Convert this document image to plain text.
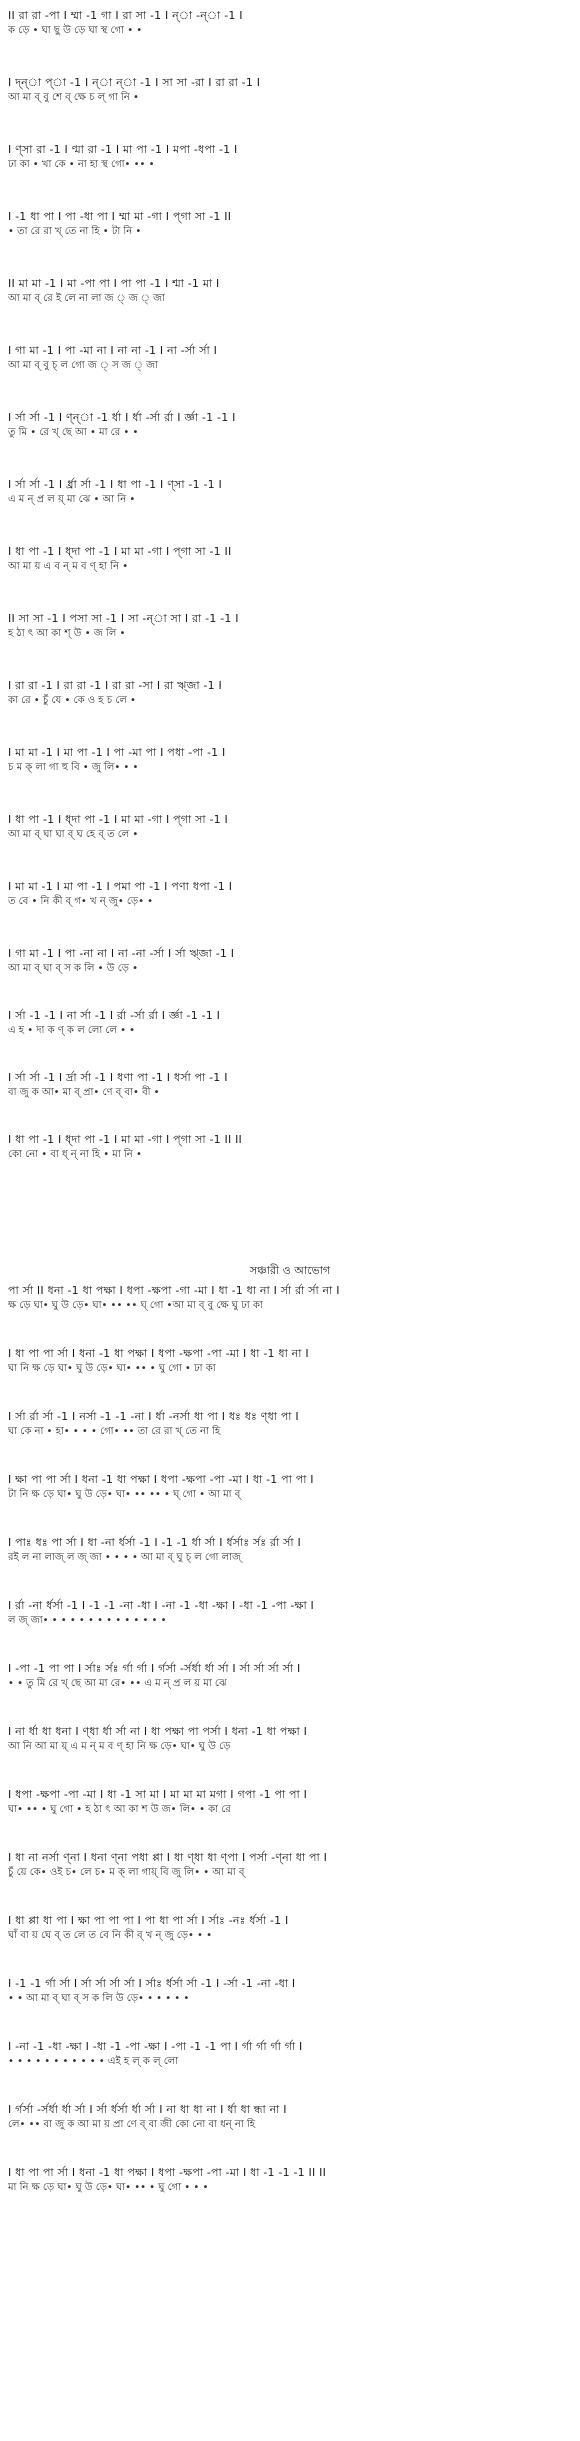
II রা রা -পা I ম্মা -1 গা I রা সা -1 I ন্‌া -ন্‌া -1 I
ক ড়ে • ঘা ছু উ ড়ে ঘা স্থ গো • •
I দ্ন্‌া প্‌া -1 I ন্‌া ন্‌া -1 I সা সা -রা I রা রা -1 I
আ মা ব্ বু শে ব্ ক্ষে চ ল্ গা নি •
I ণ্সা রা -1 I ণ্মা রা -1 I মা পা -1 I মপা -ধপা -1 I
ঢা কা • খা কে • না হা স্থ গো• •• •
I -1 ধা পা I পা -ধা পা I ম্মা মা -গা I প্গা সা -1 II
• তা রে রা খ্ তে না হি • টা নি •
II মা মা -1 I মা -পা পা I পা পা -1 I শ্মা -1 মা I
আ মা ব্ রে ই লে না লা জ ্ জ ্ জা
I গা মা -1 I পা -মা না I না না -1 I না -র্সা র্সা I
আ মা ব্ বু চ্ ল গো জ ্ স জ ্ জা
I র্সা র্সা -1 I ণ্ন্‌া -1 র্ধা I র্ধা -র্সা র্রা I র্জ্ঞা -1 -1 I
তু মি • রে খ্ ছে আ • মা রে • •
I র্সা র্সা -1 I র্ধ্রা র্সা -1 I ধা পা -1 I ণ্সা -1 -1 I
এ ম ন্ প্র ল য়্ মা ঝে • আ নি •
I ধা পা -1 I ধ্দা পা -1 I মা মা -গা I প্গা সা -1 II
আ মা য় এ ব ন্ ম ব ণ্ হা নি •
II সা সা -1 I পসা সা -1 I সা -ন্‌া সা I রা -1 -1 I
হ ঠা ৎ আ কা শ্ উ • জ লি •
I রা রা -1 I রা রা -1 I রা রা -সা I রা ঋ্জা -1 I
কা রে • চুঁ যে • কে ও হ চ লে •
I মা মা -1 I মা পা -1 I পা -মা পা I পধা -পা -1 I
চ ম ক্ লা গা হু বি • জু লি• • •
I ধা পা -1 I ধ্দা পা -1 I মা মা -গা I প্গা সা -1 I
আ মা ব্ ঘা ঘা ব্ ঘ হে ব্ ত লে •
I মা মা -1 I মা পা -1 I পমা পা -1 I পণা ধপা -1 I
ত বে • নি কী ব্ গ• খ ন্ জু• ড়ে• •
I গা মা -1 I পা -না না I না -না -র্সা I র্সা ঋ্জা -1 I
আ মা ব্ ঘা ব্ স ক লি • উ ড়ে •
I র্সা -1 -1 I না র্সা -1 I র্রা -র্সা র্রা I র্জ্ঞা -1 -1 I
এ হ • দা ক ণ্ ক ল লো লে • •
I র্সা র্সা -1 I র্দ্রা র্সা -1 I ধণা পা -1 I ধর্সা পা -1 I
বা জু ক আ• মা ব্ প্রা• ণে ব্ বা• বী •
I ধা পা -1 I ধ্দা পা -1 I মা মা -গা I প্গা সা -1 II II
কো নো • বা ধ্ ন্ না হি • মা নি •
সঞ্চারী ও আভোগ
পা র্সা II ধনা -1 ধা পক্ষা I ধপা -ক্ষপা -গা -মা I ধা -1 ধা না I র্সা র্রা র্সা না I
ক্ষ ড়ে ঘা• ঘু উ ড়ে• ঘা• •• •• ঘ্ গো •আ মা ব্ বু ক্ষে ঘু ঢা কা
I ধা পা পা র্সা I ধনা -1 ধা পক্ষা I ধপা -ক্ষপা -পা -মা I ধা -1 ধা না I
ঘা নি ক্ষ ড়ে ঘা• ঘু উ ড়ে• ঘা• •• • ঘু গো • ঢা কা
I র্সা র্রা র্সা -1 I নর্সা -1 -1 -না I র্ধা -নর্সা ধা পা I ধঃ ধঃ ণ্ধা পা I
ঘা কে না • হা• • • • গো• •• তা রে রা খ্ তে না হি
I ক্ষা পা পা র্সা I ধনা -1 ধা পক্ষা I ধপা -ক্ষপা -পা -মা I ধা -1 পা পা I
টা নি ক্ষ ড়ে ঘা• ঘু উ ড়ে• ঘা• •• •• • ঘ্ গো • আ মা ব্
I পাঃ ধঃ পা র্সা I ধা -না র্ধর্সা -1 I -1 -1 র্ধা র্সা I র্ধর্সাঃ র্সঃ র্রা র্সা I
রই ল না লাজ্ ল জ্ জা • • • • আ মা ব্ ঘু চ্ ল গো লাজ্
I র্রা -না র্ধর্সা -1 I -1 -1 -না -ধা I -না -1 -ধা -ক্ষা I -ধা -1 -পা -ক্ষা I
ল জ্ জা• • • • • • • • • • • • • •
I -পা -1 পা পা I র্সাঃ র্সঃ র্গা র্গা I র্গর্সা -র্সর্ধা র্ধা র্সা I র্সা র্সা র্সা র্সা I
• • তু মি রে খ্ ছে আ মা রে• •• এ ম ন্ প্র ল য় মা ঝে
I না র্ধা ধা ধনা I ণ্ধা র্ধা র্সা না I ধা পক্ষা পা পর্সা I ধনা -1 ধা পক্ষা I
আ নি আ মা য়্ এ ম ন্ ম ব ণ্ হা নি ক্ষ ড়ে• ঘা• ঘু উ ড়ে
I ধপা -ক্ষপা -পা -মা I ধা -1 সা মা I মা মা মা মগা I গপা -1 পা পা I
ঘা• •• • ঘু গো • হ ঠা ৎ আ কা শ উ জ• লি• • কা রে
I ধা না নর্সা ণ্না I ধনা ণ্না পধা প্পা I ধা ণ্ধা ধা ণ্পা I পর্সা -ণ্না ধা পা I
চুঁ য়ে কে• ওই চ• লে চ• ম ক্ লা গায়্ বি জু লি• • আ মা ব্
I ধা প্পা ধা পা I ক্ষা পা পা পা I পা ধা পা র্সা I র্সাঃ -নঃ র্ধর্সা -1 I
ঘাঁ বা য় ঘে ব্ ত লে ত বে নি কী ব্ খ ন্ জু ড়ে• • •
I -1 -1 র্গা র্সা I র্সা র্সা র্সা র্সা I র্সাঃ র্ধর্সা র্সা -1 I -র্সা -1 -না -ধা I
• • আ মা ব্ ঘা ব্ স ক লি উ ড়ে• • • • • •
I -না -1 -ধা -ক্ষা I -ধা -1 -পা -ক্ষা I -পা -1 -1 পা I র্গা র্গা র্গা র্গা I
• • • • • • • • • • • এই হ ল্ ক ল্ লো
I র্গর্সা -র্সর্ধা র্ধা র্সা I র্সা র্ধর্সা র্ধা র্সা I না ধা ধা না I র্ধা ধা ন্ধা না I
লে• •• বা জু ক আ মা য় প্রা ণে ব্ বা জী কো নো বা ধন্ না হি
I ধা পা পা র্সা I ধনা -1 ধা পক্ষা I ধপা -ক্ষপা -পা -মা I ধা -1 -1 -1 II II
মা নি ক্ষ ড়ে ঘা• ঘু উ ড়ে• ঘা• •• • ঘু গো • • •
